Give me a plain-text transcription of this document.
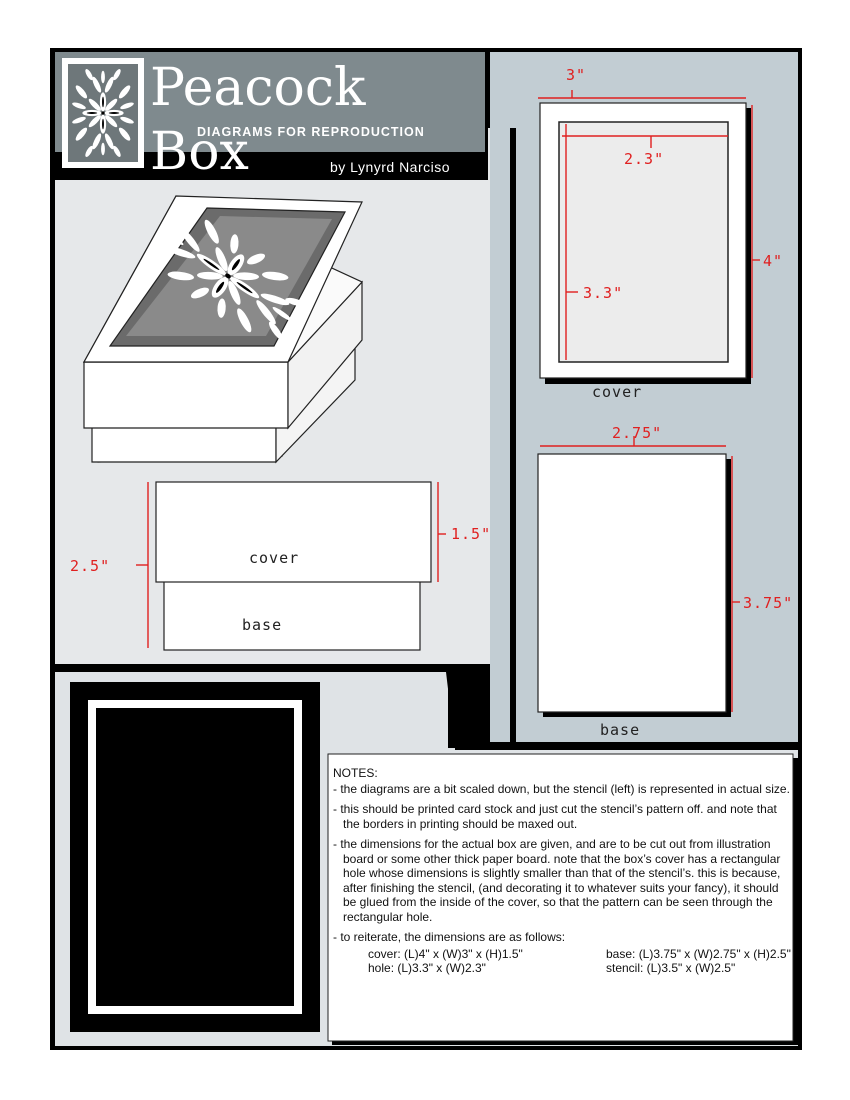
Peacock Box
DIAGRAMS FOR REPRODUCTION
by Lynyrd Narciso
3"
2.3"
3.3"
4"
cover
2.75"
3.75"
base
2.5"
1.5"
cover
base

NOTES:

- the diagrams are a bit scaled down, but the stencil (left) is represented in actual size.

- this should be printed card stock and just cut the stencil’s pattern off. and note that the borders in printing should be maxed out.

- the dimensions for the actual box are given, and are to be cut out from illustration board or some other thick paper board. note that the box’s cover has a rectangular hole whose dimensions is slightly smaller than that of the stencil’s. this is because, after finishing the stencil, (and decorating it to whatever suits your fancy), it should be glued from the inside of the cover, so that the pattern can be seen through the rectangular hole.

- to reiterate, the dimensions are as follows:

cover: (L)4" x (W)3" x (H)1.5"	base: (L)3.75" x (W)2.75" x (H)2.5"
hole: (L)3.3" x (W)2.3"	stencil: (L)3.5" x (W)2.5"
